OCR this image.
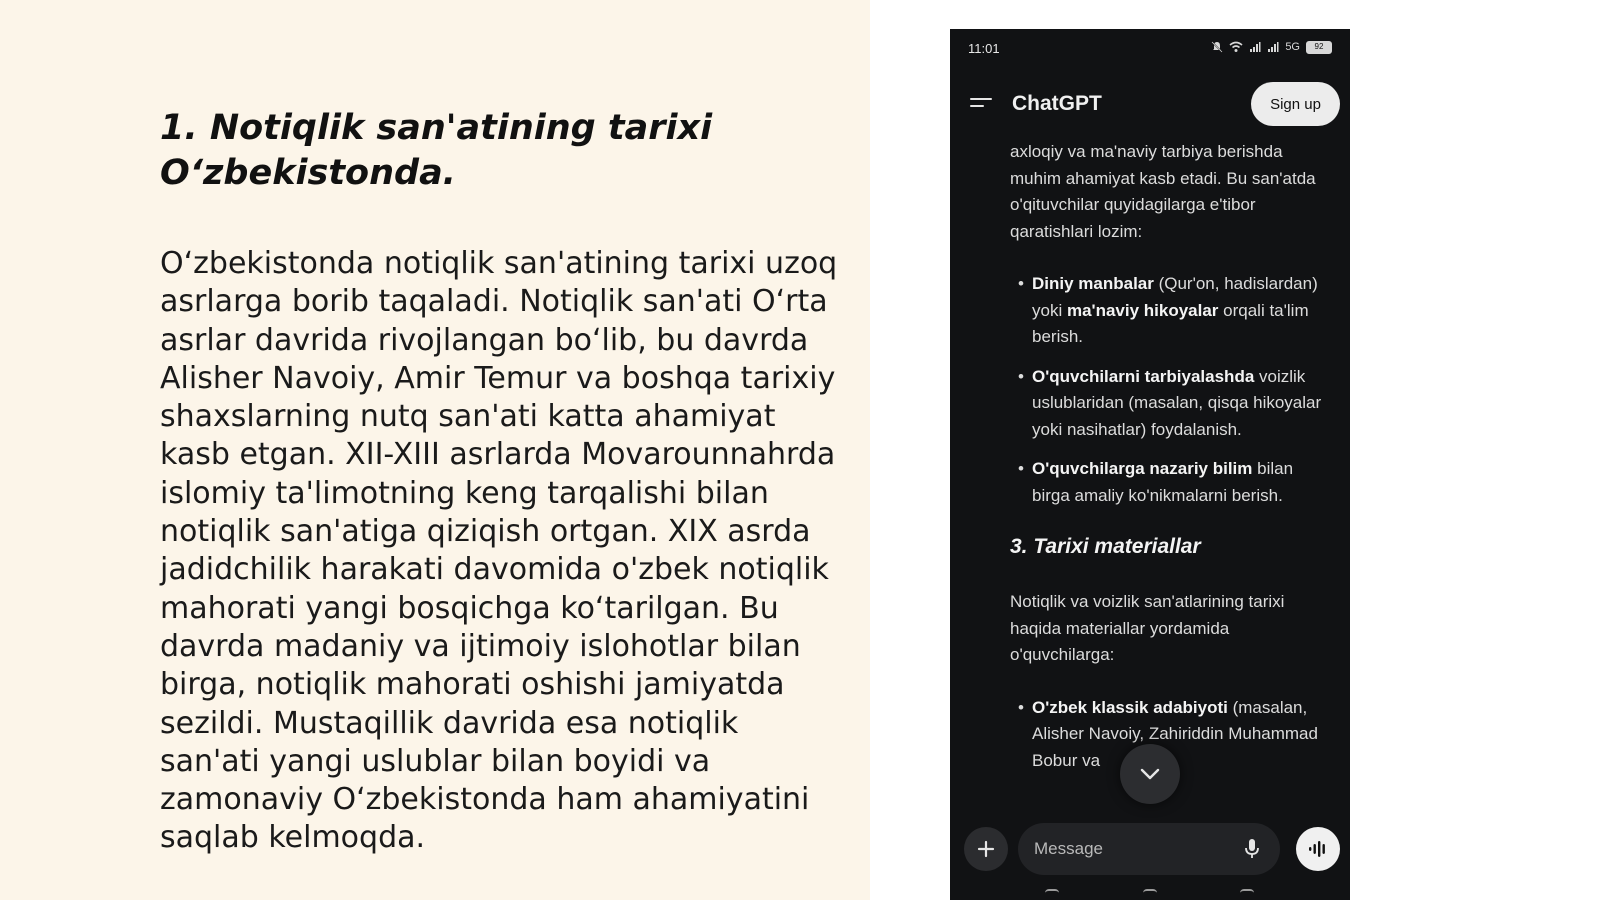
1. Notiqlik san'atining tarixi O‘zbekistonda.
O‘zbekistonda notiqlik san'atining tarixi uzoq asrlarga borib taqaladi. Notiqlik san'ati O‘rta asrlar davrida rivojlangan bo‘lib, bu davrda Alisher Navoiy, Amir Temur va boshqa tarixiy shaxslarning nutq san'ati katta ahamiyat kasb etgan. XII-XIII asrlarda Movarounnahrda islomiy ta'limotning keng tarqalishi bilan notiqlik san'atiga qiziqish ortgan. XIX asrda jadidchilik harakati davomida o'zbek notiqlik mahorati yangi bosqichga ko‘tarilgan. Bu davrda madaniy va ijtimoiy islohotlar bilan birga, notiqlik mahorati oshishi jamiyatda sezildi. Mustaqillik davrida esa notiqlik san'ati yangi uslublar bilan boyidi va zamonaviy O‘zbekistonda ham ahamiyatini saqlab kelmoqda.
11:01	5G	92
ChatGPT	Sign up

axloqiy va ma'naviy tarbiya berishda muhim ahamiyat kasb etadi. Bu san'atda o'qituvchilar quyidagilarga e'tibor qaratishlari lozim:

• Diniy manbalar (Qur'on, hadislardan) yoki ma'naviy hikoyalar orqali ta'lim berish.
• O'quvchilarni tarbiyalashda voizlik uslublaridan (masalan, qisqa hikoyalar yoki nasihatlar) foydalanish.
• O'quvchilarga nazariy bilim bilan birga amaliy ko'nikmalarni berish.
3. Tarixi materiallar

Notiqlik va voizlik san'atlarining tarixi haqida materiallar yordamida o'quvchilarga:

• O'zbek klassik adabiyoti (masalan, Alisher Navoiy, Zahiriddin Muhammad Bobur va
Message
